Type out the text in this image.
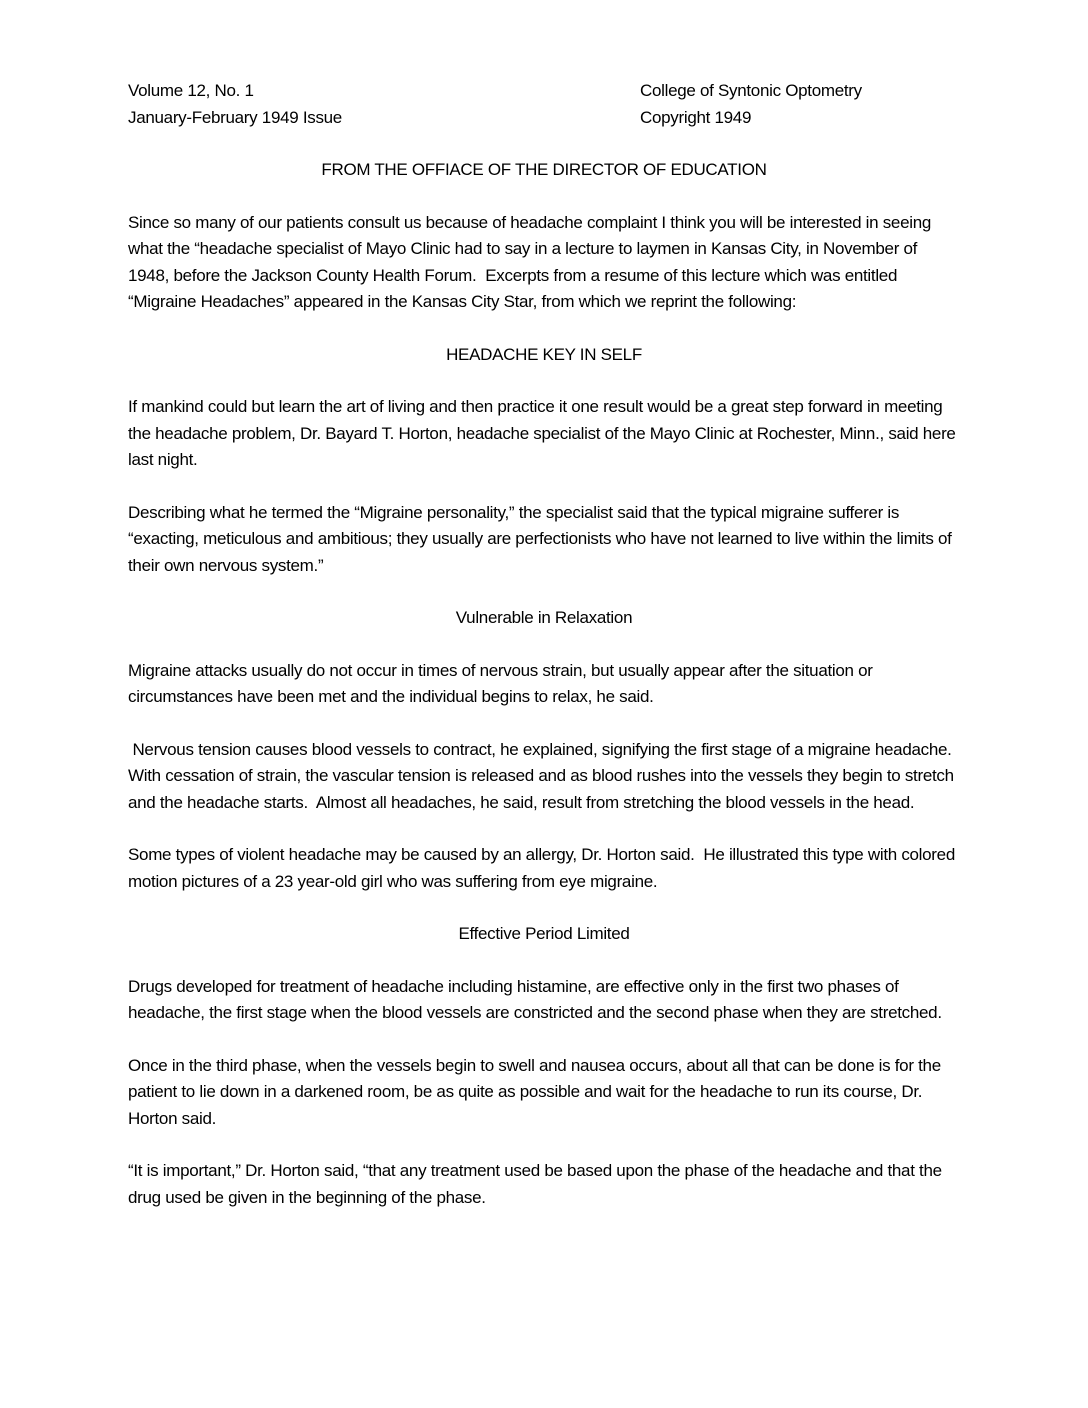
Volume 12, No. 1
January-February 1949 Issue
College of Syntonic Optometry
Copyright 1949
FROM THE OFFIACE OF THE DIRECTOR OF EDUCATION

Since so many of our patients consult us because of headache complaint I think you will be interested in seeing what the “headache specialist of Mayo Clinic had to say in a lecture to laymen in Kansas City, in November of 1948, before the Jackson County Health Forum.  Excerpts from a resume of this lecture which was entitled “Migraine Headaches” appeared in the Kansas City Star, from which we reprint the following:

HEADACHE KEY IN SELF

If mankind could but learn the art of living and then practice it one result would be a great step forward in meeting the headache problem, Dr. Bayard T. Horton, headache specialist of the Mayo Clinic at Rochester, Minn., said here last night.

Describing what he termed the “Migraine personality,” the specialist said that the typical migraine sufferer is “exacting, meticulous and ambitious; they usually are perfectionists who have not learned to live within the limits of their own nervous system.”

Vulnerable in Relaxation

Migraine attacks usually do not occur in times of nervous strain, but usually appear after the situation or circumstances have been met and the individual begins to relax, he said.

Nervous tension causes blood vessels to contract, he explained, signifying the first stage of a migraine headache.  With cessation of strain, the vascular tension is released and as blood rushes into the vessels they begin to stretch and the headache starts.  Almost all headaches, he said, result from stretching the blood vessels in the head.

Some types of violent headache may be caused by an allergy, Dr. Horton said.  He illustrated this type with colored motion pictures of a 23 year-old girl who was suffering from eye migraine.

Effective Period Limited

Drugs developed for treatment of headache including histamine, are effective only in the first two phases of headache, the first stage when the blood vessels are constricted and the second phase when they are stretched.

Once in the third phase, when the vessels begin to swell and nausea occurs, about all that can be done is for the patient to lie down in a darkened room, be as quite as possible and wait for the headache to run its course, Dr. Horton said.

“It is important,” Dr. Horton said, “that any treatment used be based upon the phase of the headache and that the drug used be given in the beginning of the phase.
